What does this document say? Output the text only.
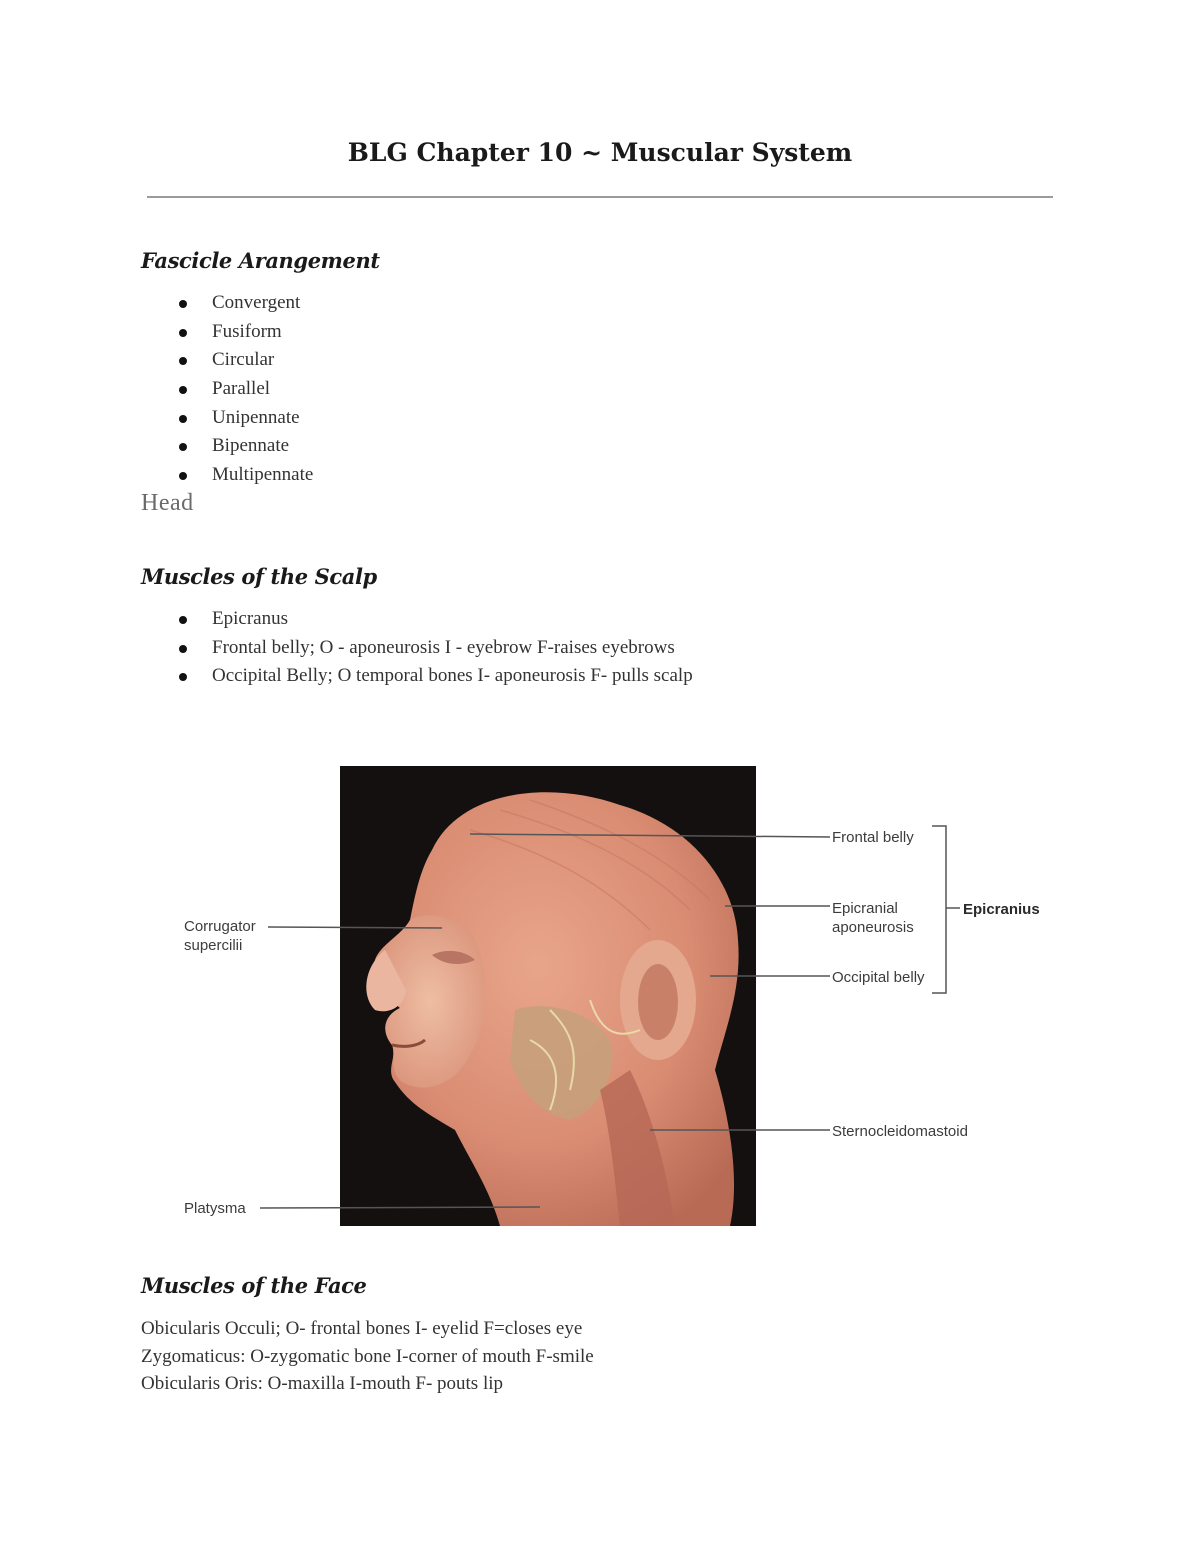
BLG Chapter 10 ~ Muscular System
Fascicle Arangement
Convergent
Fusiform
Circular
Parallel
Unipennate
Bipennate
Multipennate
Head
Muscles of the Scalp
Epicranus
Frontal belly; O - aponeurosis I - eyebrow F-raises eyebrows
Occipital Belly; O temporal bones I- aponeurosis F- pulls scalp
Frontal belly
Epicranial
aponeurosis
Epicranius
Occipital belly
Corrugator
supercilii
Sternocleidomastoid
Platysma
Muscles of the Face
Obicularis Occuli; O- frontal bones I- eyelid F=closes eye
Zygomaticus: O-zygomatic bone I-corner of mouth F-smile
Obicularis Oris: O-maxilla I-mouth F- pouts lip
